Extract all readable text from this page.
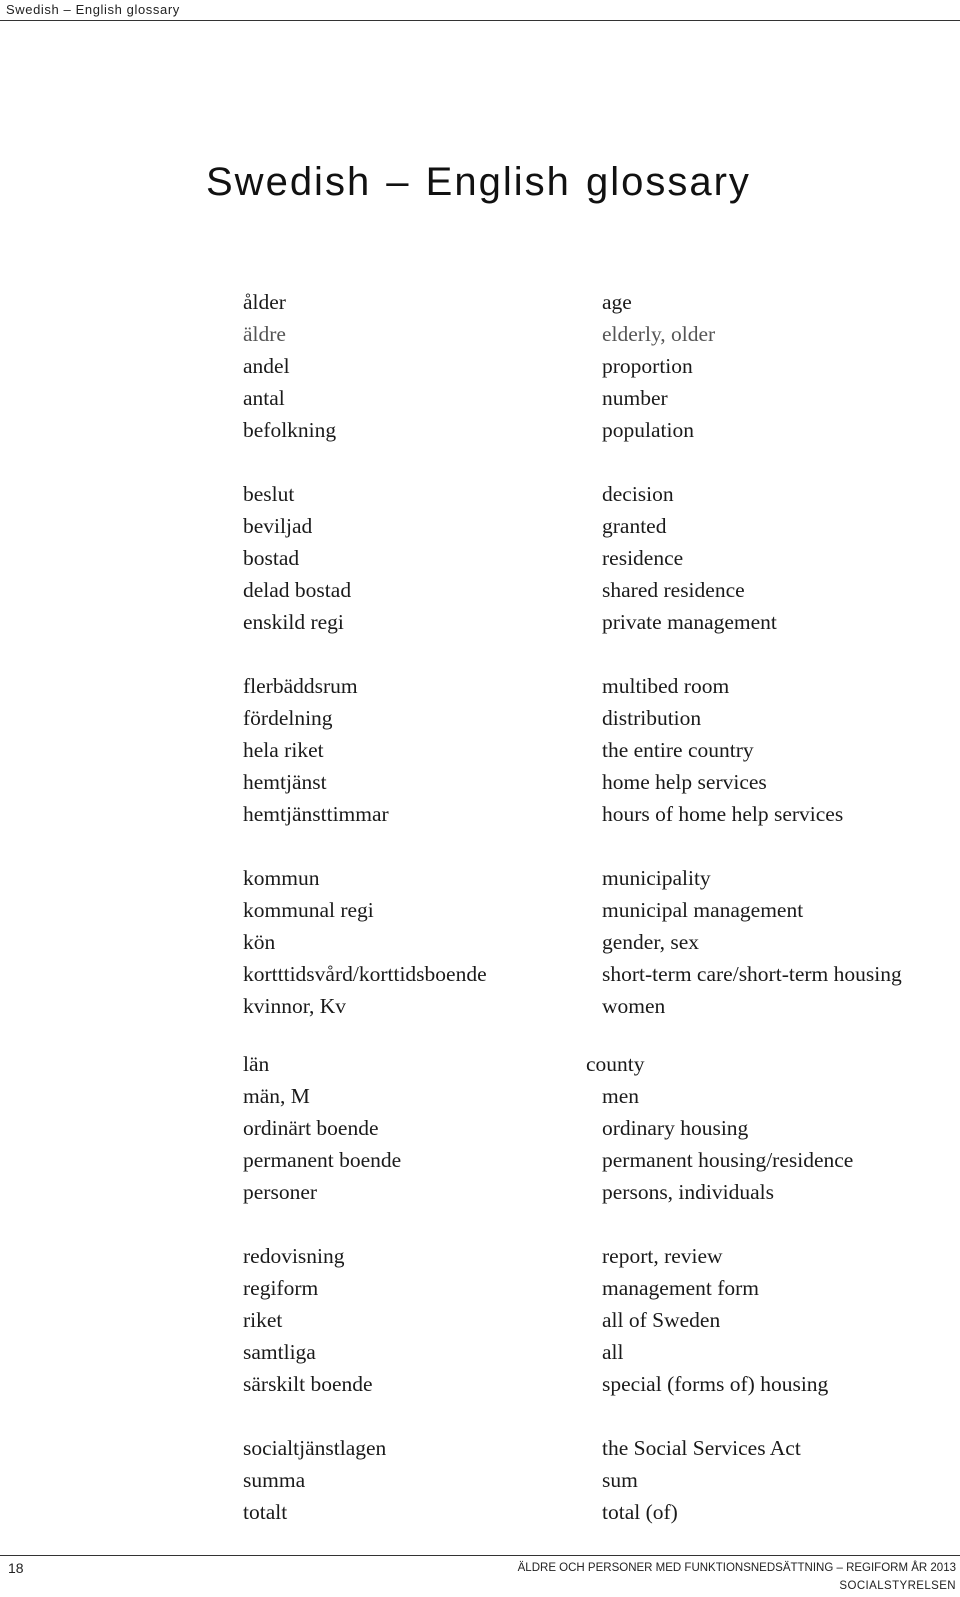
Swedish – English glossary
Swedish – English glossary
ålder	age
äldre	elderly, older
andel	proportion
antal	number
befolkning	population
beslut	decision
beviljad	granted
bostad	residence
delad bostad	shared residence
enskild regi	private management
flerbäddsrum	multibed room
fördelning	distribution
hela riket	the entire country
hemtjänst	home help services
hemtjänsttimmar	hours of home help services
kommun	municipality
kommunal regi	municipal management
kön	gender, sex
kortttidsvård/korttidsboende	short-term care/short-term housing
kvinnor, Kv	women
län	county
män, M	men
ordinärt boende	ordinary housing
permanent boende	permanent housing/residence
personer	persons, individuals
redovisning	report, review
regiform	management form
riket	all of Sweden
samtliga	all
särskilt boende	special (forms of) housing
socialtjänstlagen	the Social Services Act
summa	sum
totalt	total (of)
18	ÄLDRE OCH PERSONER MED FUNKTIONSNEDSÄTTNING – REGIFORM ÅR 2013
SOCIALSTYRELSEN
